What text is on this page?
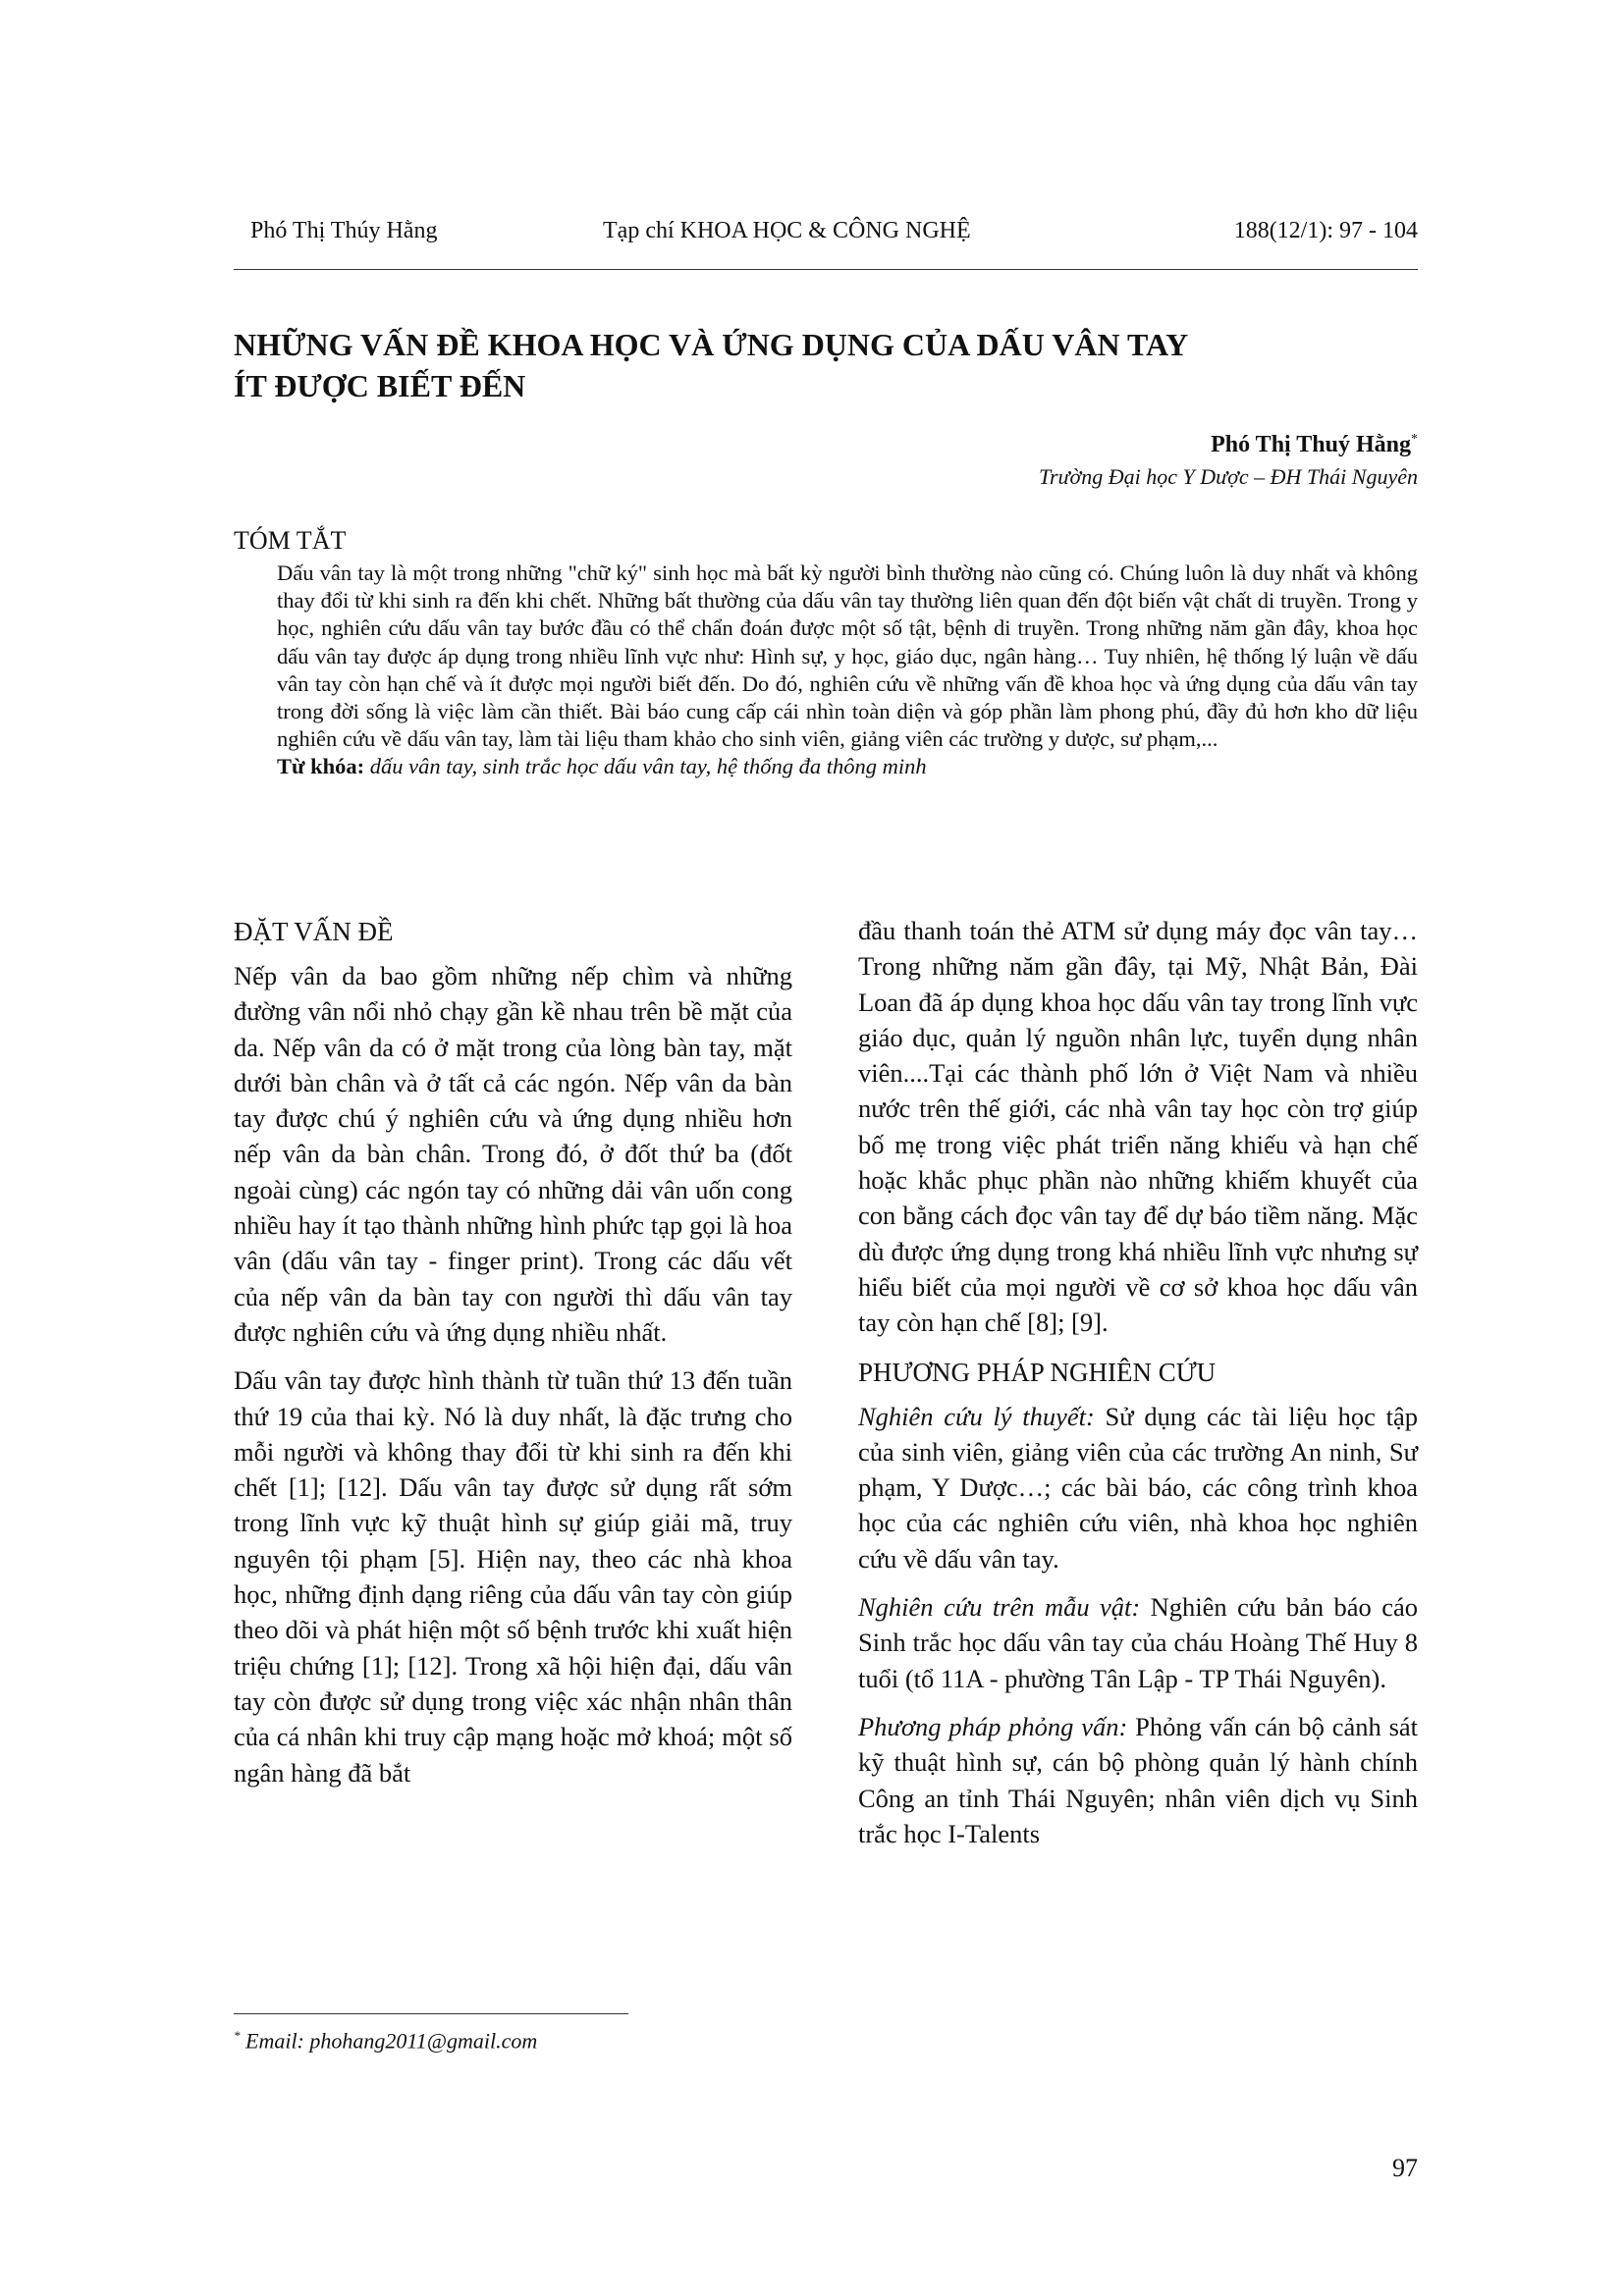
Phó Thị Thúy Hằng	Tạp chí KHOA HỌC & CÔNG NGHỆ	188(12/1): 97 - 104
NHỮNG VẤN ĐỀ KHOA HỌC VÀ ỨNG DỤNG CỦA DẤU VÂN TAY
ÍT ĐƯỢC BIẾT ĐẾN
Phó Thị Thuý Hằng*
Trường Đại học Y Dược – ĐH Thái Nguyên
TÓM TẮT
Dấu vân tay là một trong những "chữ ký" sinh học mà bất kỳ người bình thường nào cũng có. Chúng luôn là duy nhất và không thay đổi từ khi sinh ra đến khi chết. Những bất thường của dấu vân tay thường liên quan đến đột biến vật chất di truyền. Trong y học, nghiên cứu dấu vân tay bước đầu có thể chẩn đoán được một số tật, bệnh di truyền. Trong những năm gần đây, khoa học dấu vân tay được áp dụng trong nhiều lĩnh vực như: Hình sự, y học, giáo dục, ngân hàng… Tuy nhiên, hệ thống lý luận về dấu vân tay còn hạn chế và ít được mọi người biết đến. Do đó, nghiên cứu về những vấn đề khoa học và ứng dụng của dấu vân tay trong đời sống là việc làm cần thiết. Bài báo cung cấp cái nhìn toàn diện và góp phần làm phong phú, đầy đủ hơn kho dữ liệu nghiên cứu về dấu vân tay, làm tài liệu tham khảo cho sinh viên, giảng viên các trường y dược, sư phạm,...
Từ khóa: dấu vân tay, sinh trắc học dấu vân tay, hệ thống đa thông minh
ĐẶT VẤN ĐỀ

Nếp vân da bao gồm những nếp chìm và những đường vân nổi nhỏ chạy gần kề nhau trên bề mặt của da. Nếp vân da có ở mặt trong của lòng bàn tay, mặt dưới bàn chân và ở tất cả các ngón. Nếp vân da bàn tay được chú ý nghiên cứu và ứng dụng nhiều hơn nếp vân da bàn chân. Trong đó, ở đốt thứ ba (đốt ngoài cùng) các ngón tay có những dải vân uốn cong nhiều hay ít tạo thành những hình phức tạp gọi là hoa vân (dấu vân tay - finger print). Trong các dấu vết của nếp vân da bàn tay con người thì dấu vân tay được nghiên cứu và ứng dụng nhiều nhất.

Dấu vân tay được hình thành từ tuần thứ 13 đến tuần thứ 19 của thai kỳ. Nó là duy nhất, là đặc trưng cho mỗi người và không thay đổi từ khi sinh ra đến khi chết [1]; [12]. Dấu vân tay được sử dụng rất sớm trong lĩnh vực kỹ thuật hình sự giúp giải mã, truy nguyên tội phạm [5]. Hiện nay, theo các nhà khoa học, những định dạng riêng của dấu vân tay còn giúp theo dõi và phát hiện một số bệnh trước khi xuất hiện triệu chứng [1]; [12]. Trong xã hội hiện đại, dấu vân tay còn được sử dụng trong việc xác nhận nhân thân của cá nhân khi truy cập mạng hoặc mở khoá; một số ngân hàng đã bắt

đầu thanh toán thẻ ATM sử dụng máy đọc vân tay… Trong những năm gần đây, tại Mỹ, Nhật Bản, Đài Loan đã áp dụng khoa học dấu vân tay trong lĩnh vực giáo dục, quản lý nguồn nhân lực, tuyển dụng nhân viên....Tại các thành phố lớn ở Việt Nam và nhiều nước trên thế giới, các nhà vân tay học còn trợ giúp bố mẹ trong việc phát triển năng khiếu và hạn chế hoặc khắc phục phần nào những khiếm khuyết của con bằng cách đọc vân tay để dự báo tiềm năng. Mặc dù được ứng dụng trong khá nhiều lĩnh vực nhưng sự hiểu biết của mọi người về cơ sở khoa học dấu vân tay còn hạn chế [8]; [9].

PHƯƠNG PHÁP NGHIÊN CỨU

Nghiên cứu lý thuyết: Sử dụng các tài liệu học tập của sinh viên, giảng viên của các trường An ninh, Sư phạm, Y Dược…; các bài báo, các công trình khoa học của các nghiên cứu viên, nhà khoa học nghiên cứu về dấu vân tay.

Nghiên cứu trên mẫu vật: Nghiên cứu bản báo cáo Sinh trắc học dấu vân tay của cháu Hoàng Thế Huy 8 tuổi (tổ 11A - phường Tân Lập - TP Thái Nguyên).

Phương pháp phỏng vấn: Phỏng vấn cán bộ cảnh sát kỹ thuật hình sự, cán bộ phòng quản lý hành chính Công an tỉnh Thái Nguyên; nhân viên dịch vụ Sinh trắc học I-Talents

* Email: phohang2011@gmail.com
97
